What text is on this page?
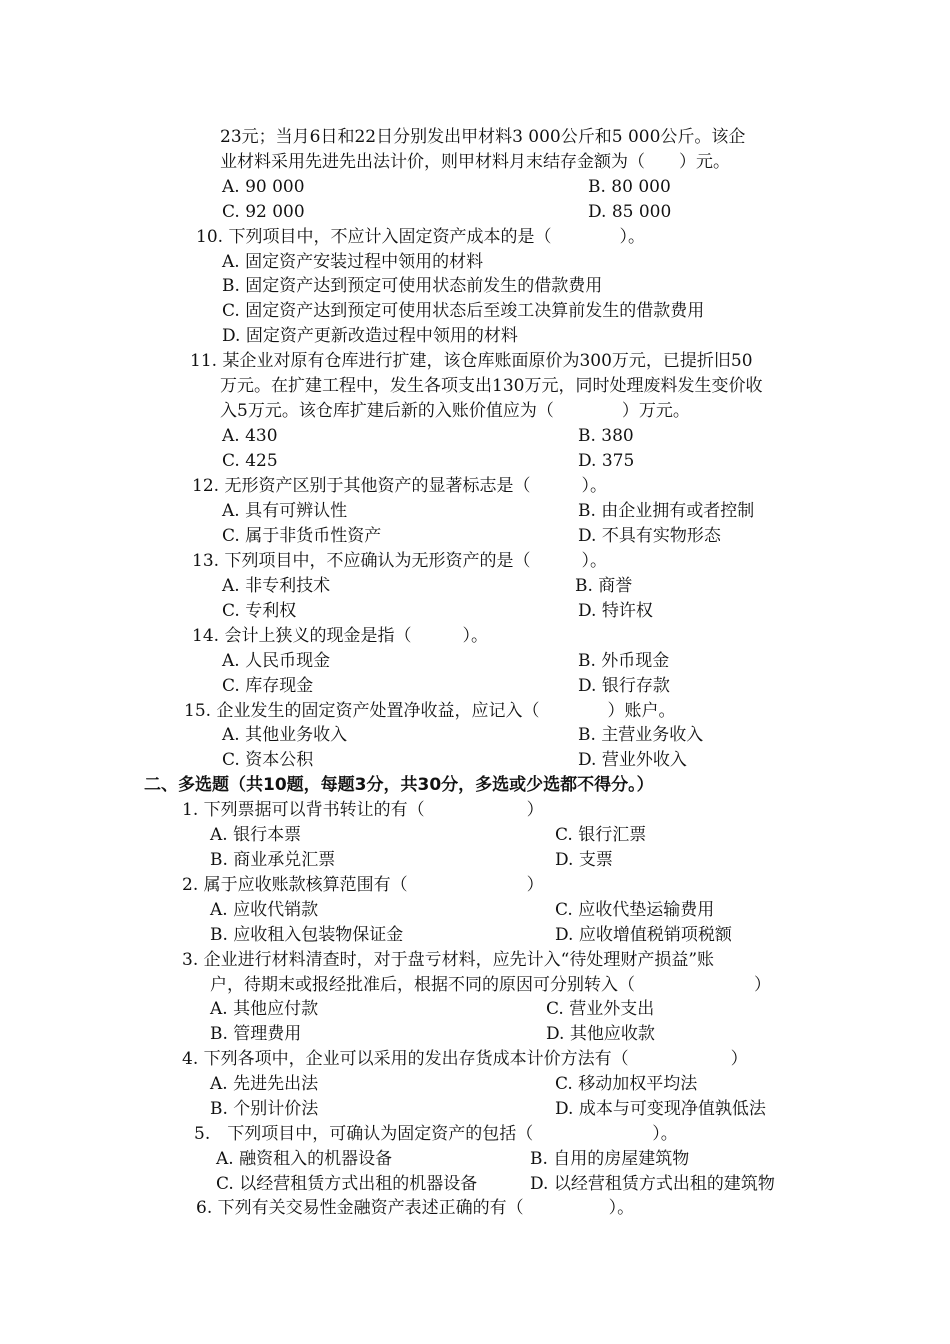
23元；当月6日和22日分别发出甲材料3 000公斤和5 000公斤。该企
业材料采用先进先出法计价，则甲材料月末结存金额为（　　）元。
A. 90 000	B. 80 000
C. 92 000	D. 85 000
10. 下列项目中，不应计入固定资产成本的是（　　　　）。
A. 固定资产安装过程中领用的材料
B. 固定资产达到预定可使用状态前发生的借款费用
C. 固定资产达到预定可使用状态后至竣工决算前发生的借款费用
D. 固定资产更新改造过程中领用的材料
11. 某企业对原有仓库进行扩建，该仓库账面原价为300万元，已提折旧50
万元。在扩建工程中，发生各项支出130万元，同时处理废料发生变价收
入5万元。该仓库扩建后新的入账价值应为（　　　　）万元。
A. 430	B. 380
C. 425	D. 375
12. 无形资产区别于其他资产的显著标志是（　　　）。
A. 具有可辨认性	B. 由企业拥有或者控制
C. 属于非货币性资产	D. 不具有实物形态
13. 下列项目中，不应确认为无形资产的是（　　　）。
A. 非专利技术	B. 商誉
C. 专利权	D. 特许权
14. 会计上狭义的现金是指（　　　）。
A. 人民币现金	B. 外币现金
C. 库存现金	D. 银行存款
15. 企业发生的固定资产处置净收益，应记入（　　　　）账户。
A. 其他业务收入	B. 主营业务收入
C. 资本公积	D. 营业外收入
二、多选题（共10题，每题3分，共30分，多选或少选都不得分。）
1. 下列票据可以背书转让的有（　　　　　　）
A. 银行本票	C. 银行汇票
B. 商业承兑汇票	D. 支票
2. 属于应收账款核算范围有（　　　　　　　）
A. 应收代销款	C. 应收代垫运输费用
B. 应收租入包装物保证金	D. 应收增值税销项税额
3. 企业进行材料清查时，对于盘亏材料，应先计入“待处理财产损益”账
户，待期末或报经批准后，根据不同的原因可分别转入（　　　　　　　）
A. 其他应付款	C. 营业外支出
B. 管理费用	D. 其他应收款
4. 下列各项中，企业可以采用的发出存货成本计价方法有（　　　　　　）
A. 先进先出法	C. 移动加权平均法
B. 个别计价法	D. 成本与可变现净值孰低法
5.　下列项目中，可确认为固定资产的包括（　　　　　　　）。
A. 融资租入的机器设备	B. 自用的房屋建筑物
C. 以经营租赁方式出租的机器设备	D. 以经营租赁方式出租的建筑物
6. 下列有关交易性金融资产表述正确的有（　　　　　）。
